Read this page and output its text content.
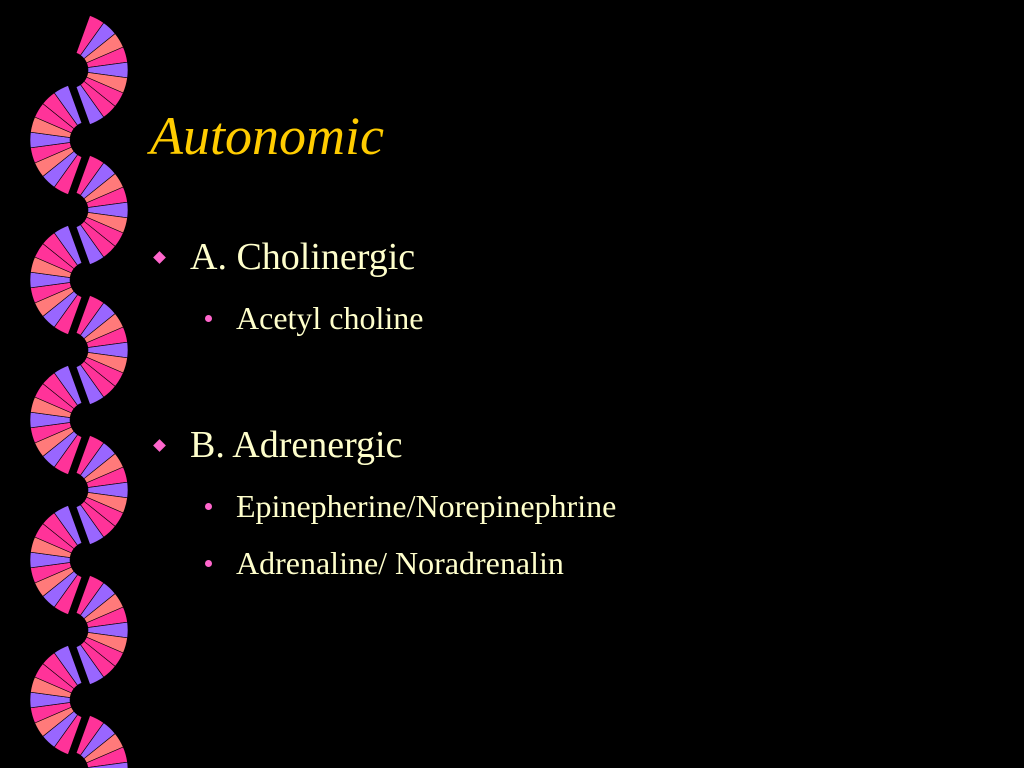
Autonomic
A. Cholinergic
Acetyl choline
B. Adrenergic
Epinepherine/Norepinephrine
Adrenaline/ Noradrenalin
